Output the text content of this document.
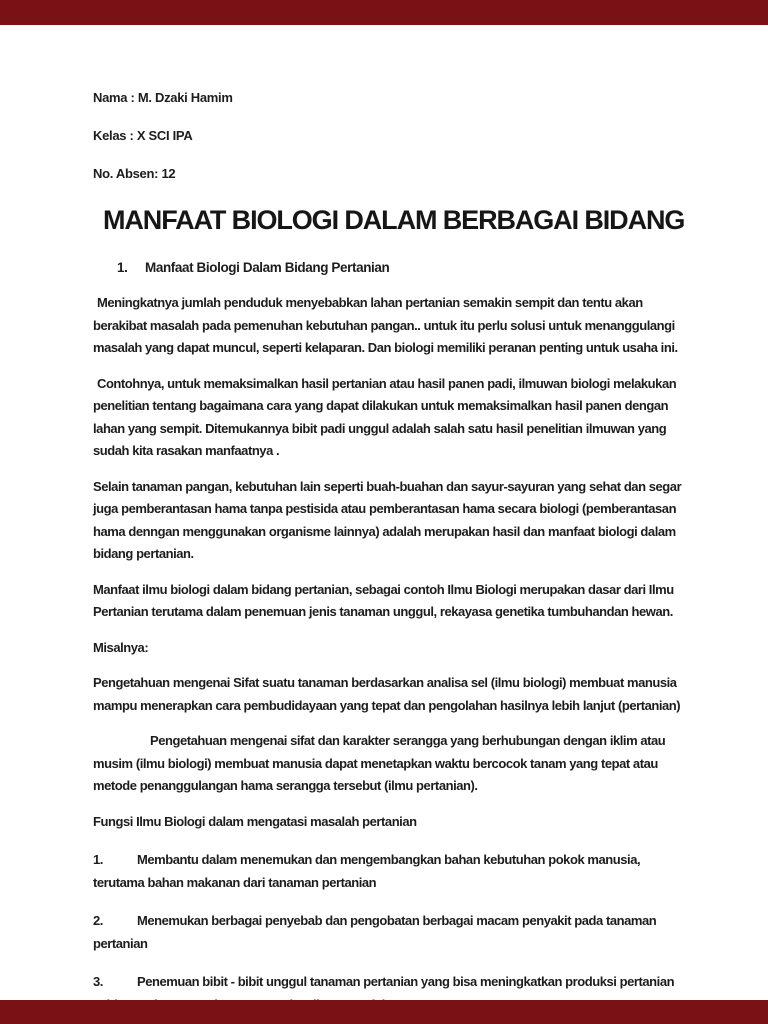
Nama : M. Dzaki Hamim

Kelas : X SCI IPA

No. Absen: 12

MANFAAT BIOLOGI DALAM BERBAGAI BIDANG
1. Manfaat Biologi Dalam Bidang Pertanian

Meningkatnya jumlah penduduk menyebabkan lahan pertanian semakin sempit dan tentu akan berakibat masalah pada pemenuhan kebutuhan pangan.. untuk itu perlu solusi untuk menanggulangi masalah yang dapat muncul, seperti kelaparan. Dan biologi memiliki peranan penting untuk usaha ini.

Contohnya, untuk memaksimalkan hasil pertanian atau hasil panen padi, ilmuwan biologi melakukan penelitian tentang bagaimana cara yang dapat dilakukan untuk memaksimalkan hasil panen dengan lahan yang sempit. Ditemukannya bibit padi unggul adalah salah satu hasil penelitian ilmuwan yang sudah kita rasakan manfaatnya .

Selain tanaman pangan, kebutuhan lain seperti buah-buahan dan sayur-sayuran yang sehat dan segar juga pemberantasan hama tanpa pestisida atau pemberantasan hama secara biologi (pemberantasan hama denngan menggunakan organisme lainnya) adalah merupakan hasil dan manfaat biologi dalam bidang pertanian.

Manfaat ilmu biologi dalam bidang pertanian, sebagai contoh Ilmu Biologi merupakan dasar dari Ilmu Pertanian terutama dalam penemuan jenis tanaman unggul, rekayasa genetika tumbuhandan hewan.

Misalnya:

Pengetahuan mengenai Sifat suatu tanaman berdasarkan analisa sel (ilmu biologi) membuat manusia mampu menerapkan cara pembudidayaan yang tepat dan pengolahan hasilnya lebih lanjut (pertanian)

Pengetahuan mengenai sifat dan karakter serangga yang berhubungan dengan iklim atau musim (ilmu biologi) membuat manusia dapat menetapkan waktu bercocok tanam yang tepat atau metode penanggulangan hama serangga tersebut (ilmu pertanian).

Fungsi Ilmu Biologi dalam mengatasi masalah pertanian

1.	Membantu dalam menemukan dan mengembangkan bahan kebutuhan pokok manusia, terutama bahan makanan dari tanaman pertanian

2.	Menemukan berbagai penyebab dan pengobatan berbagai macam penyakit pada tanaman pertanian

3.	Penemuan bibit - bibit unggul tanaman pertanian yang bisa meningkatkan produksi pertanian
